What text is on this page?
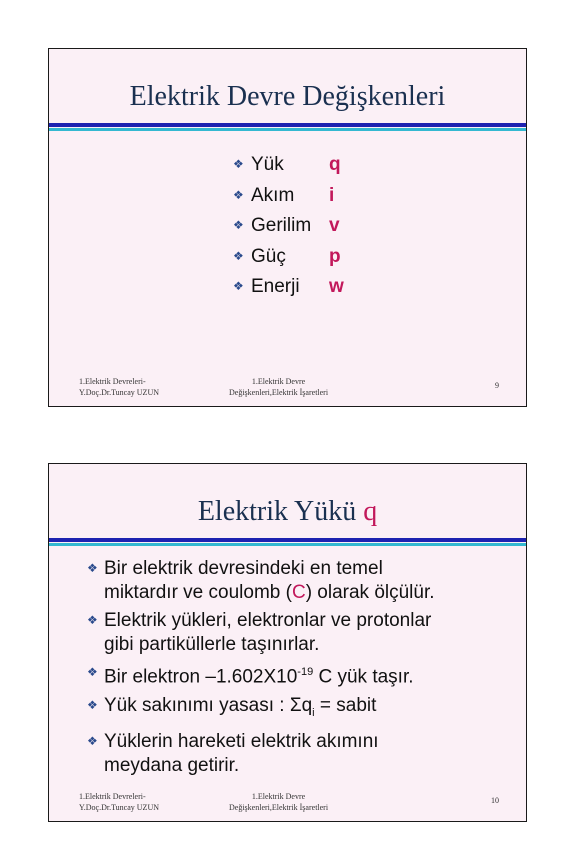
Elektrik Devre Değişkenleri
❖ Yük q
❖ Akım i
❖ Gerilim v
❖ Güç p
❖ Enerji w
1.Elektrik Devreleri-
Y.Doç.Dr.Tuncay UZUN
1.Elektrik Devre
Değişkenleri,Elektrik İşaretleri
9
Elektrik Yükü q
❖ Bir elektrik devresindeki en temel
miktardır ve coulomb (C) olarak ölçülür.
❖ Elektrik yükleri, elektronlar ve protonlar
gibi partiküllerle taşınırlar.
❖ Bir elektron $-1.602X10^{-19}$ C yük taşır.
❖ Yük sakınımı yasası : $\Sigma q_i$ = sabit
❖ Yüklerin hareketi elektrik akımını
meydana getirir.
1.Elektrik Devreleri-
Y.Doç.Dr.Tuncay UZUN
1.Elektrik Devre
Değişkenleri,Elektrik İşaretleri
10
